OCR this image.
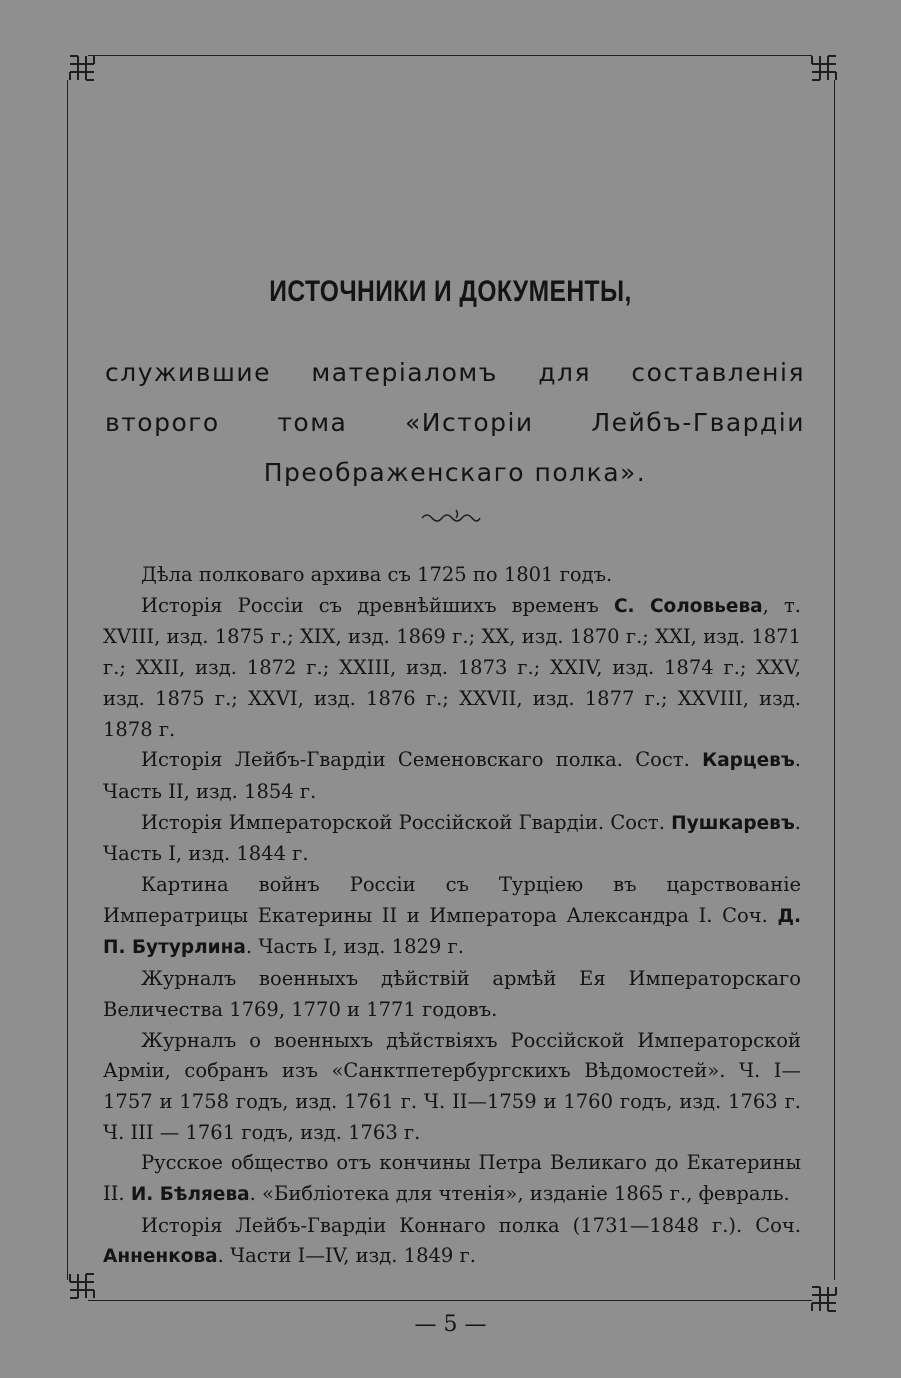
ИСТОЧНИКИ И ДОКУМЕНТЫ,
служившие матеріаломъ для составленія второго тома «Исторіи Лейбъ-Гвардіи Преображенскаго полка».

Дѣла полковаго архива съ 1725 по 1801 годъ.

Исторія Россіи съ древнѣйшихъ временъ С. Соловьева, т. XVIII, изд. 1875 г.; XIX, изд. 1869 г.; XX, изд. 1870 г.; XXI, изд. 1871 г.; XXII, изд. 1872 г.; XXIII, изд. 1873 г.; XXIV, изд. 1874 г.; XXV, изд. 1875 г.; XXVI, изд. 1876 г.; XXVII, изд. 1877 г.; XXVIII, изд. 1878 г.

Исторія Лейбъ-Гвардіи Семеновскаго полка. Сост. Карцевъ. Часть II, изд. 1854 г.

Исторія Императорской Россійской Гвардіи. Сост. Пушкаревъ. Часть I, изд. 1844 г.

Картина войнъ Россіи съ Турціею въ царствованіе Императрицы Екатерины II и Императора Александра I. Соч. Д. П. Бутурлина. Часть I, изд. 1829 г.

Журналъ военныхъ дѣйствій армѣй Ея Императорскаго Величества 1769, 1770 и 1771 годовъ.

Журналъ о военныхъ дѣйствіяхъ Россійской Императорской Арміи, собранъ изъ «Санктпетербургскихъ Вѣдомостей». Ч. I—1757 и 1758 годъ, изд. 1761 г. Ч. II—1759 и 1760 годъ, изд. 1763 г. Ч. III — 1761 годъ, изд. 1763 г.

Русское общество отъ кончины Петра Великаго до Екатерины II. И. Бѣляева. «Библіотека для чтенія», изданіе 1865 г., февраль.

Исторія Лейбъ-Гвардіи Коннаго полка (1731—1848 г.). Соч. Анненкова. Части I—IV, изд. 1849 г.

— 5 —
